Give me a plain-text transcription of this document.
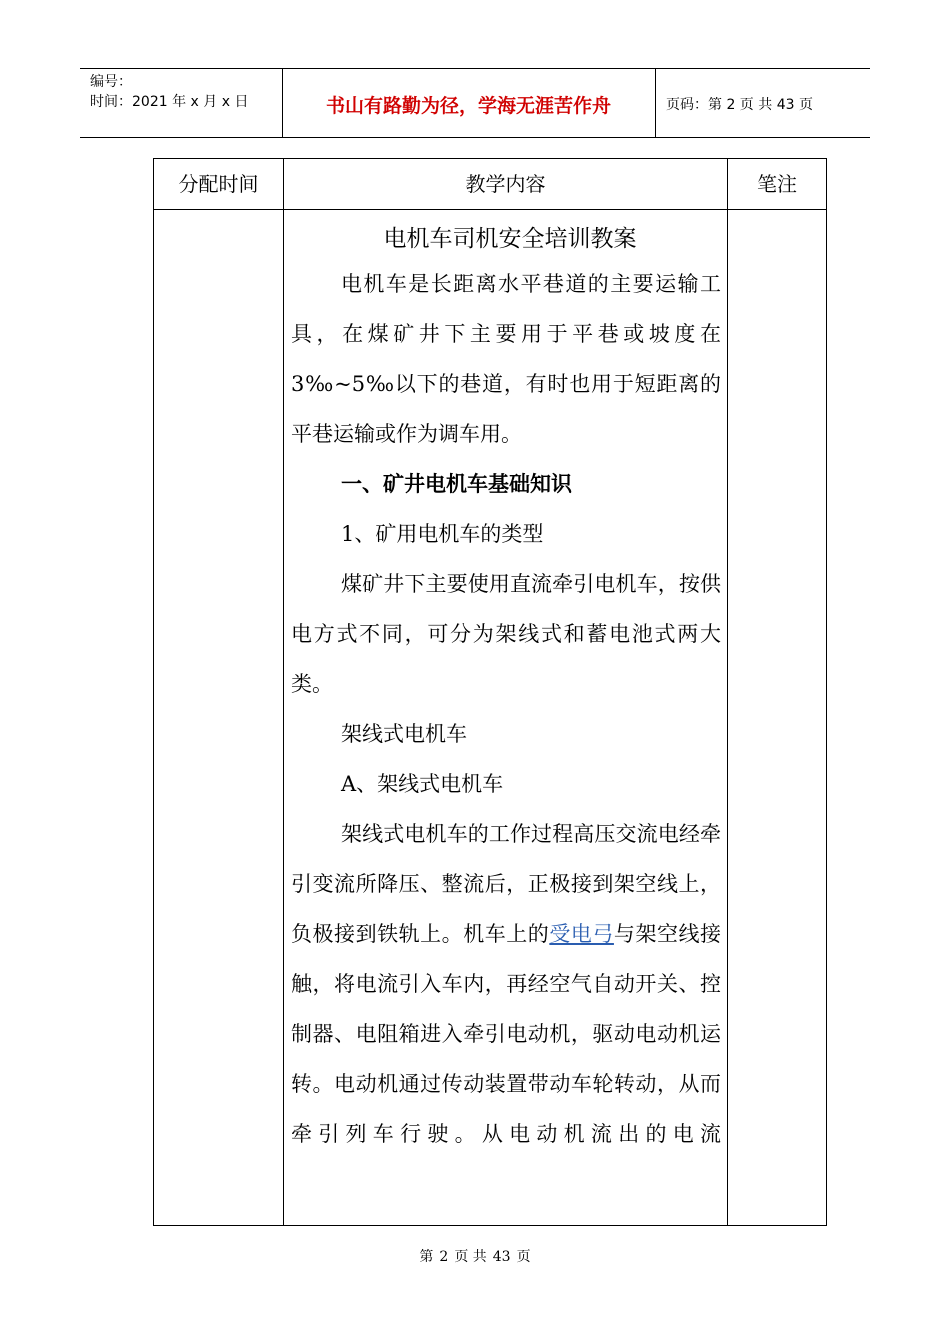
编号：
时间：2021 年 x 月 x 日	书山有路勤为径，学海无涯苦作舟	页码：第 2 页 共 43 页
分配时间	教学内容	笔注
电机车司机安全培训教案

电机车是长距离水平巷道的主要运输工具，在煤矿井下主要用于平巷或坡度在 3‰~5‰以下的巷道，有时也用于短距离的平巷运输或作为调车用。

一、矿井电机车基础知识

1、矿用电机车的类型

煤矿井下主要使用直流牵引电机车，按供电方式不同，可分为架线式和蓄电池式两大类。

架线式电机车

A、架线式电机车

架线式电机车的工作过程高压交流电经牵引变流所降压、整流后，正极接到架空线上，负极接到铁轨上。机车上的受电弓与架空线接触，将电流引入车内，再经空气自动开关、控制器、电阻箱进入牵引电动机，驱动电动机运转。电动机通过传动装置带动车轮转动，从而牵引列车行驶。从电动机流出的电流

第 2 页 共 43 页
